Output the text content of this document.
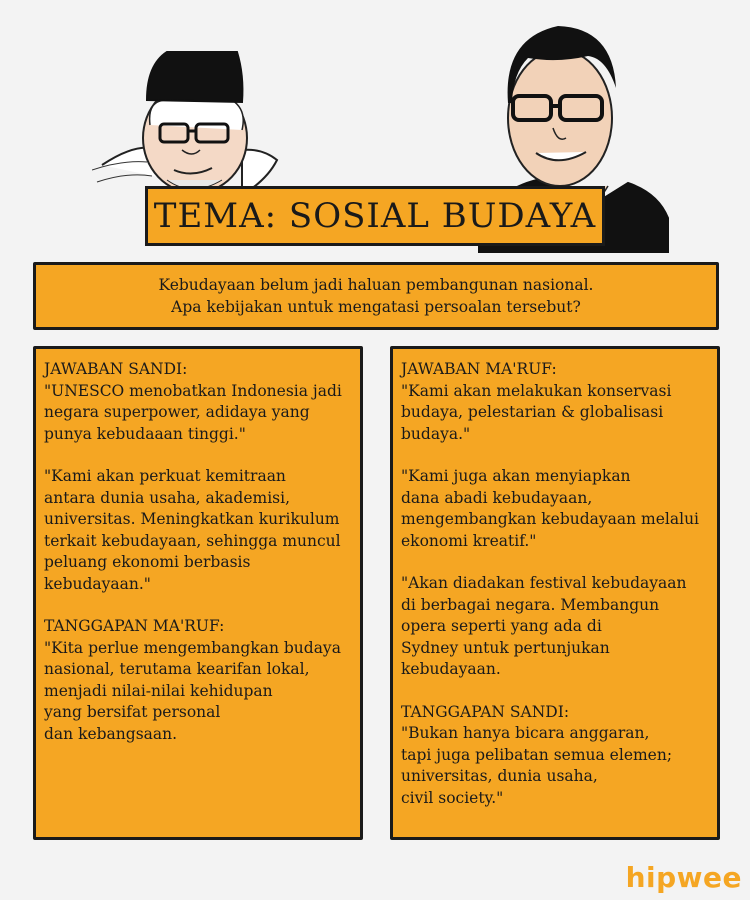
TEMA: SOSIAL BUDAYA
Kebudayaan belum jadi haluan pembangunan nasional.
Apa kebijakan untuk mengatasi persoalan tersebut?
JAWABAN SANDI:

"UNESCO menobatkan Indonesia jadi
negara superpower, adidaya yang
punya kebudaaan tinggi."

"Kami akan perkuat kemitraan
antara dunia usaha, akademisi,
universitas. Meningkatkan kurikulum
terkait kebudayaan, sehingga muncul
peluang ekonomi berbasis
kebudayaan."

TANGGAPAN MA'RUF:

"Kita perlue mengembangkan budaya
nasional, terutama kearifan lokal,
menjadi nilai-nilai kehidupan
yang bersifat personal
dan kebangsaan.

JAWABAN MA'RUF:

"Kami akan melakukan konservasi
budaya, pelestarian & globalisasi
budaya."

"Kami juga akan menyiapkan
dana abadi kebudayaan,
mengembangkan kebudayaan melalui
ekonomi kreatif."

"Akan diadakan festival kebudayaan
di berbagai negara. Membangun
opera seperti yang ada di
Sydney untuk pertunjukan
kebudayaan.

TANGGAPAN SANDI:

"Bukan hanya bicara anggaran,
tapi juga pelibatan semua elemen;
universitas, dunia usaha,
civil society."

hipwee
